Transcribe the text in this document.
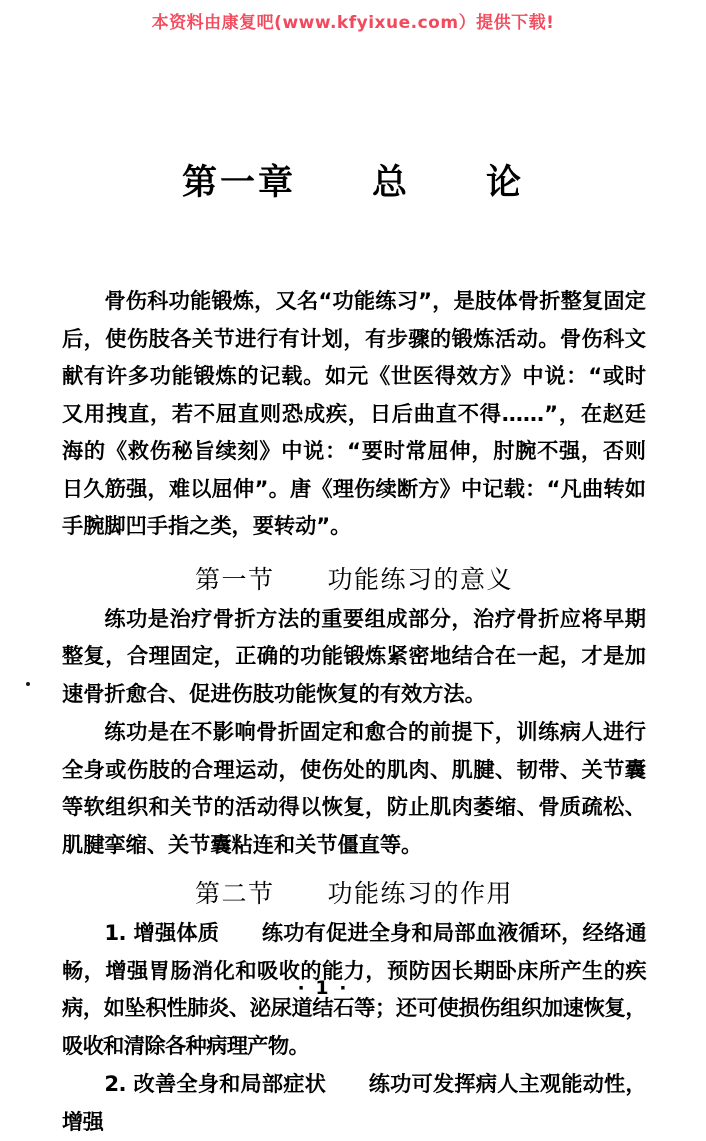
本资料由康复吧(www.kfyixue.com）提供下载!
第一章　　总　　论

骨伤科功能锻炼，又名“功能练习”，是肢体骨折整复固定后，使伤肢各关节进行有计划，有步骤的锻炼活动。骨伤科文献有许多功能锻炼的记载。如元《世医得效方》中说：“或时又用拽直，若不屈直则恐成疾，日后曲直不得……”，在赵廷海的《救伤秘旨续刻》中说：“要时常屈伸，肘腕不强，否则日久筋强，难以屈伸”。唐《理伤续断方》中记载：“凡曲转如手腕脚凹手指之类，要转动”。

第一节　　功能练习的意义

练功是治疗骨折方法的重要组成部分，治疗骨折应将早期整复，合理固定，正确的功能锻炼紧密地结合在一起，才是加速骨折愈合、促进伤肢功能恢复的有效方法。

练功是在不影响骨折固定和愈合的前提下，训练病人进行全身或伤肢的合理运动，使伤处的肌肉、肌腱、韧带、关节囊等软组织和关节的活动得以恢复，防止肌肉萎缩、骨质疏松、肌腱挛缩、关节囊粘连和关节僵直等。

第二节　　功能练习的作用

1. 增强体质　　练功有促进全身和局部血液循环，经络通畅，增强胃肠消化和吸收的能力，预防因长期卧床所产生的疾病，如坠积性肺炎、泌尿道结石等；还可使损伤组织加速恢复，吸收和清除各种病理产物。

2. 改善全身和局部症状　　练功可发挥病人主观能动性，增强

· 1 ·
